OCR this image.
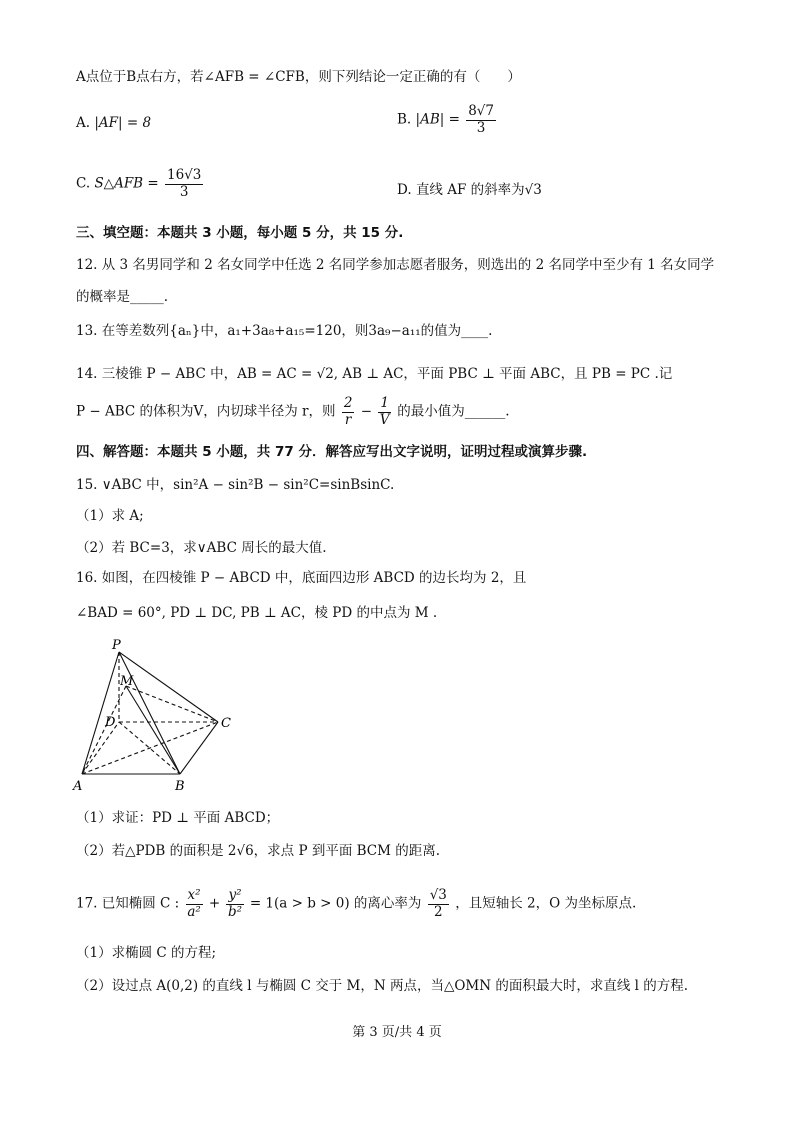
A点位于B点右方，若∠AFB = ∠CFB，则下列结论一定正确的有（　　）
A. |AF| = 8	B. $|AB| = \frac{8√7}{3}$
C. S△AFB = $\frac{16√3}{3}$	D. 直线 AF 的斜率为√3
三、填空题：本题共 3 小题，每小题 5 分，共 15 分.
12. 从 3 名男同学和 2 名女同学中任选 2 名同学参加志愿者服务，则选出的 2 名同学中至少有 1 名女同学
的概率是_____.
13. 在等差数列{aₙ}中，a₁+3a₈+a₁₅=120，则3a₉−a₁₁的值为____.
14. 三棱锥 P − ABC 中，AB = AC = √2, AB ⊥ AC，平面 PBC ⊥ 平面 ABC，且 PB = PC .记
P − ABC 的体积为V，内切球半径为 r，则 $\frac{2}{r} - \frac{1}{V}$ 的最小值为______.
四、解答题：本题共 5 小题，共 77 分．解答应写出文字说明，证明过程或演算步骤.
15. ∨ABC 中，sin²A − sin²B − sin²C=sinBsinC.
（1）求 A;
（2）若 BC=3，求∨ABC 周长的最大值.
16. 如图，在四棱锥 P − ABCD 中，底面四边形 ABCD 的边长均为 2，且
∠BAD = 60°, PD ⊥ DC, PB ⊥ AC，棱 PD 的中点为 M .
P
M
D	C
A	B
（1）求证：PD ⊥ 平面 ABCD；
（2）若△PDB 的面积是 2√6，求点 P 到平面 BCM 的距离.
17. 已知椭圆 C : $\frac{\text{x²}}{\text{a²}} + \frac{\text{y²}}{\text{b²}} = 1(a > b > 0)$ 的离心率为 $\frac{√3}{2}$ ，且短轴长 2，O 为坐标原点.
（1）求椭圆 C 的方程;
（2）设过点 A(0,2) 的直线 l 与椭圆 C 交于 M，N 两点，当△OMN 的面积最大时，求直线 l 的方程.
第 3 页/共 4 页
